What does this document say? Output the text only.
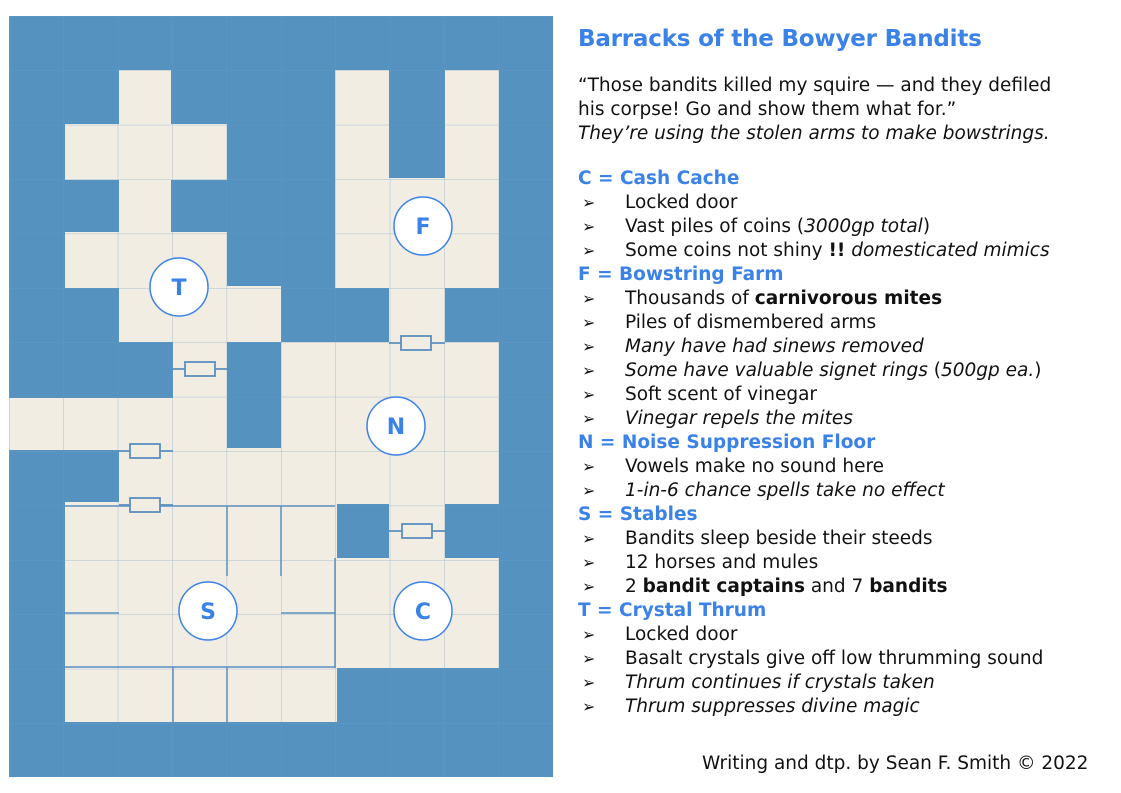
T
F
N
S	C
Barracks of the Bowyer Bandits

“Those bandits killed my squire — and they defiled

his corpse! Go and show them what for.”

They’re using the stolen arms to make bowstrings.

C = Cash Cache
➢ Locked door
➢ Vast piles of coins (3000gp total)
➢ Some coins not shiny !! domesticated mimics
F = Bowstring Farm
➢ Thousands of carnivorous mites
➢ Piles of dismembered arms
➢ Many have had sinews removed
➢ Some have valuable signet rings (500gp ea.)
➢ Soft scent of vinegar
➢ Vinegar repels the mites
N = Noise Suppression Floor
➢ Vowels make no sound here
➢ 1-in-6 chance spells take no effect
S = Stables
➢ Bandits sleep beside their steeds
➢ 12 horses and mules
➢ 2 bandit captains and 7 bandits
T = Crystal Thrum
➢ Locked door
➢ Basalt crystals give off low thrumming sound
➢ Thrum continues if crystals taken
➢ Thrum suppresses divine magic
Writing and dtp. by Sean F. Smith © 2022
